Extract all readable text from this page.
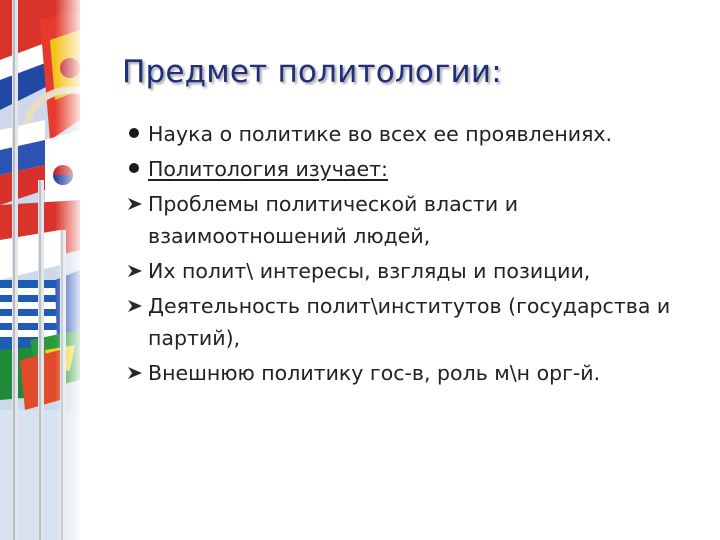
Предмет политологии:
Наука о политике во всех ее проявлениях.
Политология изучает:
Проблемы политической власти и взаимоотношений людей,
Их полит\ интересы, взгляды и позиции,
Деятельность полит\институтов (государства и партий),
Внешнюю политику гос-в, роль м\н орг-й.
